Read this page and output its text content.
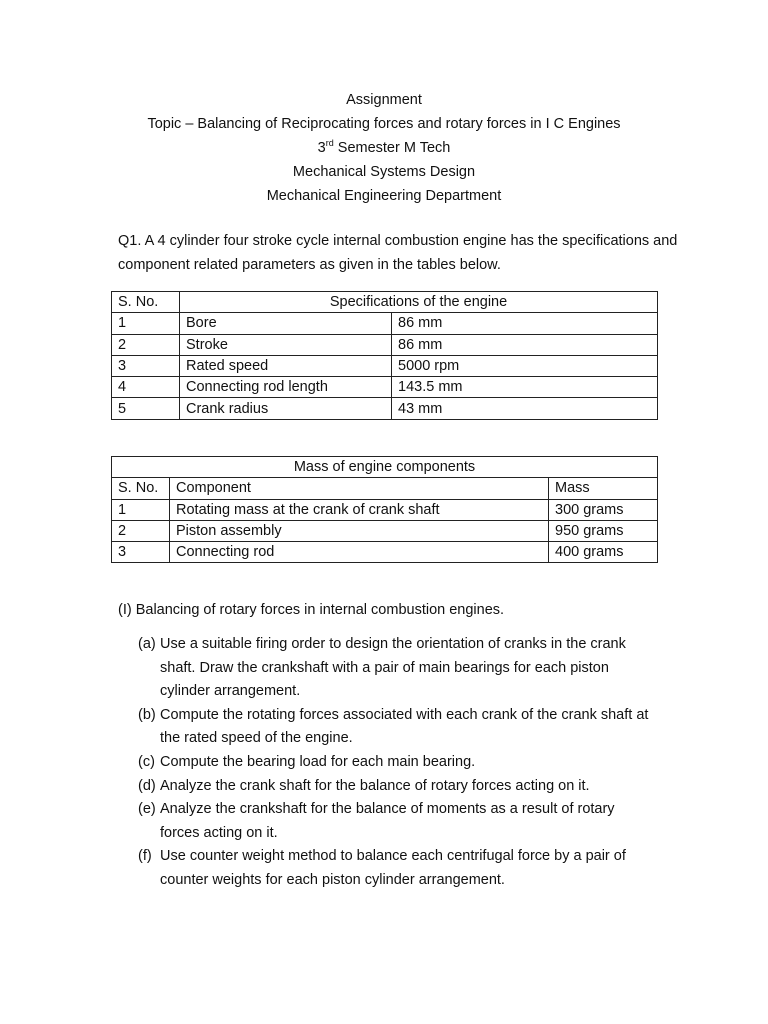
Assignment
Topic – Balancing of Reciprocating forces and rotary forces in I C Engines
3rd Semester M Tech
Mechanical Systems Design
Mechanical Engineering Department
Q1. A 4 cylinder four stroke cycle internal combustion engine has the specifications and component related parameters as given in the tables below.
S. No.	Specifications of the engine	
1	Bore	86 mm
2	Stroke	86 mm
3	Rated speed	5000 rpm
4	Connecting rod length	143.5 mm
5	Crank radius	43 mm
Mass of engine components		
S. No.	Component	Mass
1	Rotating mass at the crank of crank shaft	300 grams
2	Piston assembly	950 grams
3	Connecting rod	400 grams
(I) Balancing of rotary forces in internal combustion engines.
(a) Use a suitable firing order to design the orientation of cranks in the crank shaft. Draw the crankshaft with a pair of main bearings for each piston cylinder arrangement.
(b) Compute the rotating forces associated with each crank of the crank shaft at the rated speed of the engine.
(c) Compute the bearing load for each main bearing.
(d) Analyze the crank shaft for the balance of rotary forces acting on it.
(e) Analyze the crankshaft for the balance of moments as a result of rotary forces acting on it.
(f) Use counter weight method to balance each centrifugal force by a pair of counter weights for each piston cylinder arrangement.
